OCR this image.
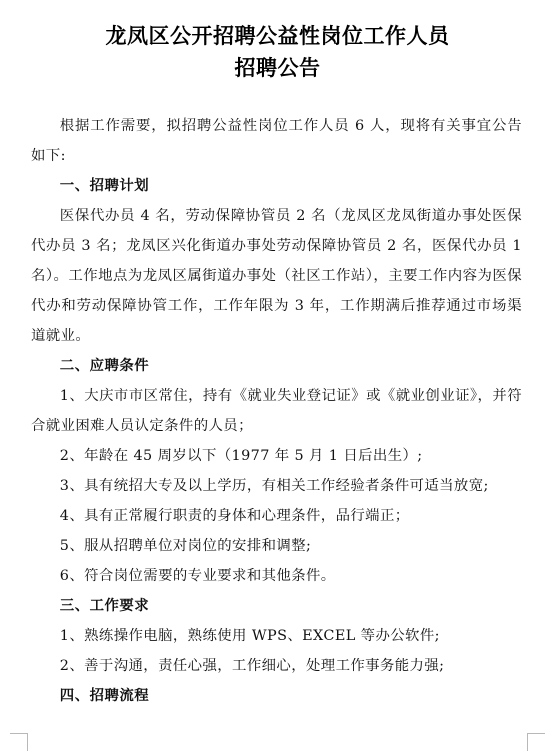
龙凤区公开招聘公益性岗位工作人员
招聘公告

根据工作需要，拟招聘公益性岗位工作人员 6 人，现将有关事宜公告如下:

一、招聘计划

医保代办员 4 名，劳动保障协管员 2 名（龙凤区龙凤街道办事处医保代办员 3 名；龙凤区兴化街道办事处劳动保障协管员 2 名，医保代办员 1 名）。工作地点为龙凤区属街道办事处（社区工作站），主要工作内容为医保代办和劳动保障协管工作，工作年限为 3 年，工作期满后推荐通过市场渠道就业。

二、应聘条件

1、大庆市市区常住，持有《就业失业登记证》或《就业创业证》，并符合就业困难人员认定条件的人员；

2、年龄在 45 周岁以下（1977 年 5 月 1 日后出生）;

3、具有统招大专及以上学历，有相关工作经验者条件可适当放宽;

4、具有正常履行职责的身体和心理条件，品行端正；

5、服从招聘单位对岗位的安排和调整;

6、符合岗位需要的专业要求和其他条件。

三、工作要求

1、熟练操作电脑，熟练使用 WPS、EXCEL 等办公软件;

2、善于沟通，责任心强，工作细心，处理工作事务能力强;

四、招聘流程
